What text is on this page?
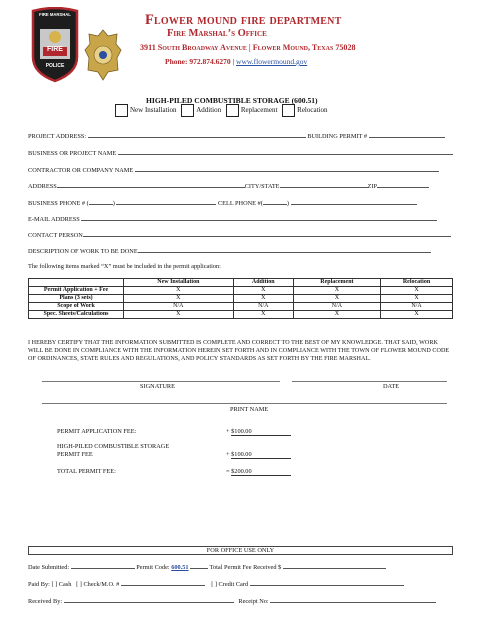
FIRE MARSHAL
FIRE
POLICE
Flower mound fire department
Fire Marshal’s Office
3911 South Broadway Avenue | Flower Mound, Texas 75028
Phone: 972.874.6270 | www.flowermound.gov
HIGH-PILED COMBUSTIBLE STORAGE (600.51)
New Installation	Addition	Replacement	Relocation
PROJECT ADDRESS:	BUILDING PERMIT #
BUSINESS OR PROJECT NAME
CONTRACTOR OR COMPANY NAME
ADDRESS	CITY/STATE	ZIP
BUSINESS PHONE # (	)	CELL PHONE #(	)
E-MAIL ADDRESS
CONTACT PERSON
DESCRIPTION OF WORK TO BE DONE
The following items marked “X” must be included in the permit application:
	New Installation	Addition	Replacement	Relocation
Permit Application + Fee	X	X	X	X
Plans (3 sets)	X	X	X	X
Scope of Work	N/A	N/A	N/A	N/A
Spec. Sheets/Calculations	X	X	X	X
I HEREBY CERTIFY THAT THE INFORMATION SUBMITTED IS COMPLETE AND CORRECT TO THE BEST OF MY KNOWLEDGE. THAT SAID, WORK WILL BE DONE IN COMPLIANCE WITH THE INFORMATION HEREIN SET FORTH AND IN COMPLIANCE WITH THE TOWN OF FLOWER MOUND CODE OF ORDINANCES, STATE RULES AND REGULATIONS, AND POLICY STANDARDS AS SET FORTH BY THE FIRE MARSHAL.
SIGNATURE	DATE
PRINT NAME
PERMIT APPLICATION FEE:	+ $100.00
HIGH-PILED COMBUSTIBLE STORAGE
PERMIT FEE	+ $100.00
TOTAL PERMIT FEE:	= $200.00
FOR OFFICE USE ONLY
Date Submitted:	Permit Code: 600.51	Total Permit Fee Received $
Paid By: [ ] Cash [ ] Check/M.O. #	[ ] Credit Card
Received By:	Receipt No:
